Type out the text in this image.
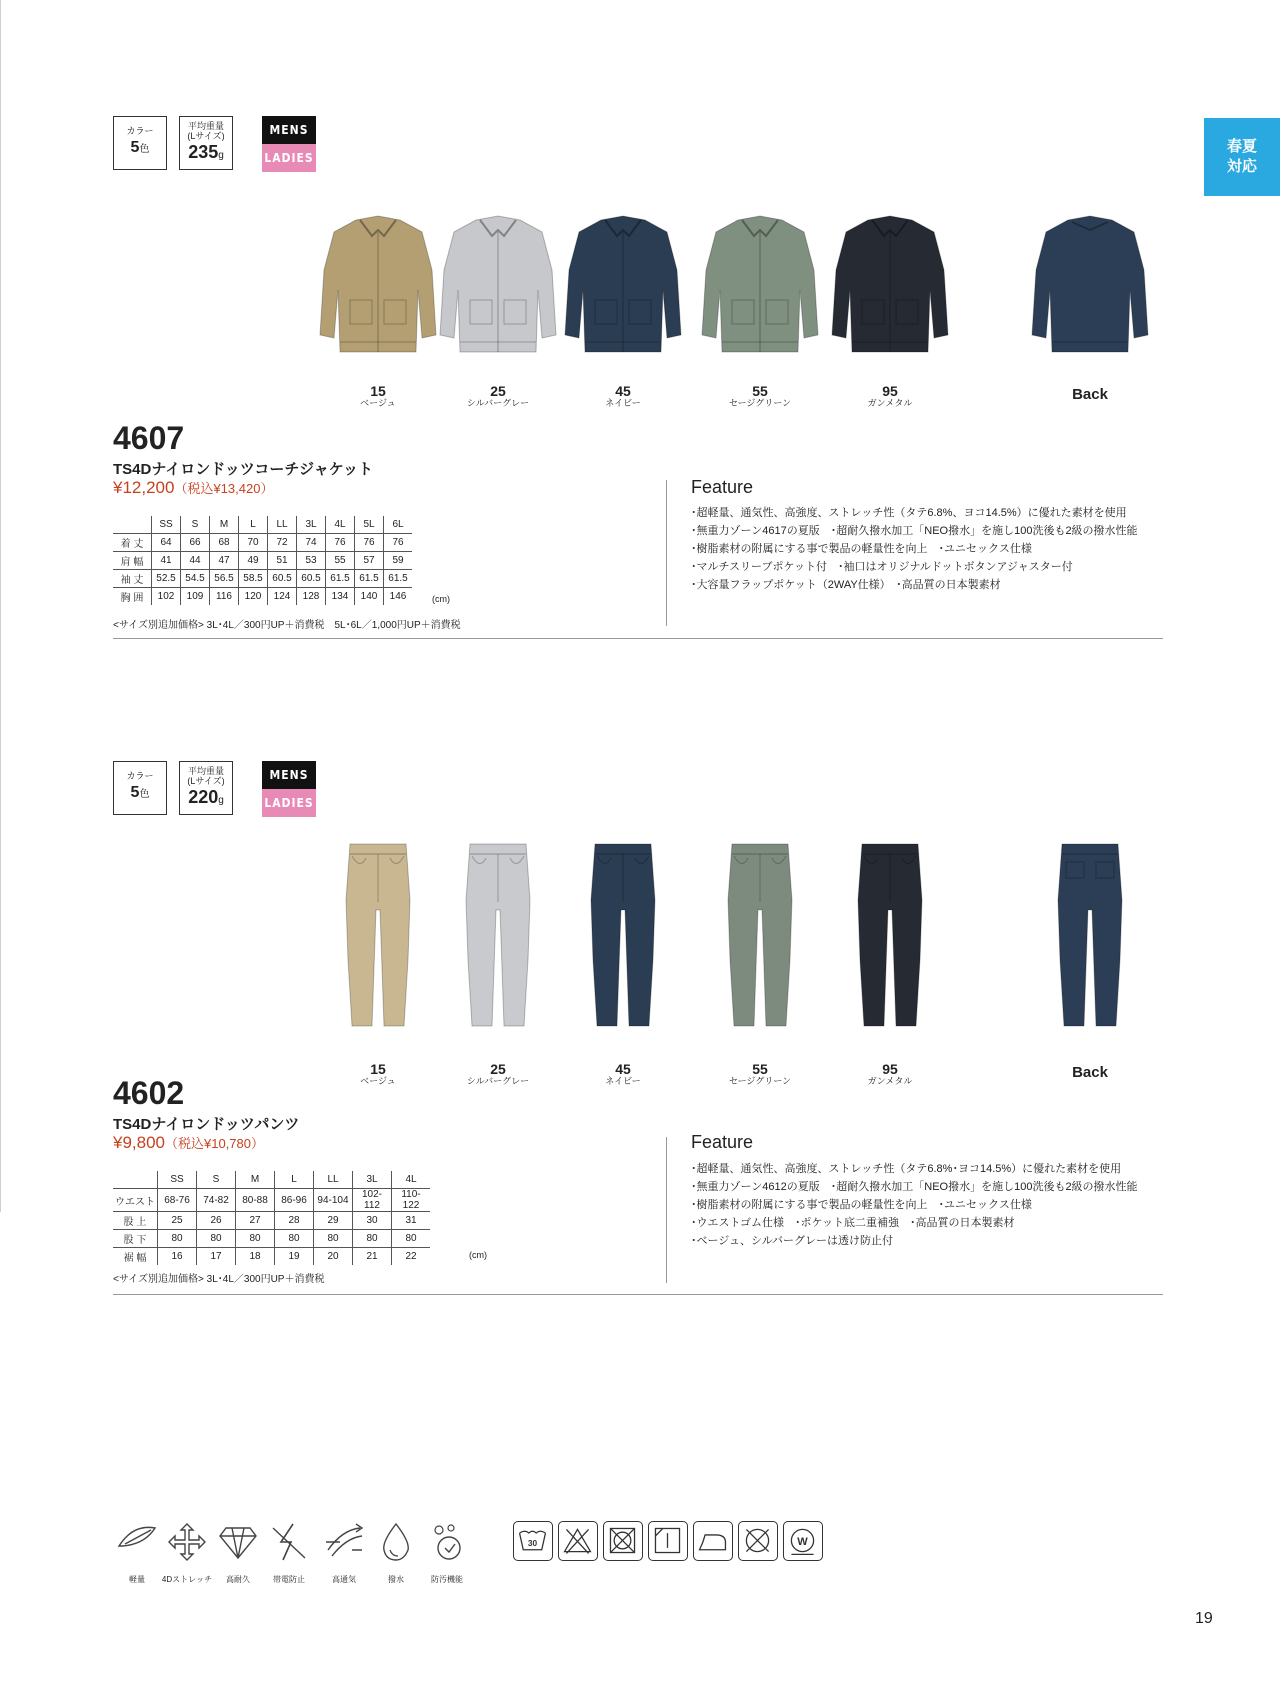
春夏
対応
カラー
5色
平均重量
(Lサイズ)
235g
MENS
LADIES
15
ベージュ
25
シルバーグレー
45
ネイビー
55
セージグリーン
95
ガンメタル	Back
4607
TS4Dナイロンドッツコーチジャケット
¥12,200（税込¥13,420）
	SS	S	M	L	LL	3L	4L	5L	6L
着 丈	64	66	68	70	72	74	76	76	76
肩 幅	41	44	47	49	51	53	55	57	59
袖 丈	52.5	54.5	56.5	58.5	60.5	60.5	61.5	61.5	61.5
胸 囲	102	109	116	120	124	128	134	140	146	(cm)
<サイズ別追加価格> 3L･4L／300円UP＋消費税　5L･6L／1,000円UP＋消費税
Feature
･超軽量、通気性、高強度、ストレッチ性（タテ6.8%、ヨコ14.5%）に優れた素材を使用
･無重力ゾーン4617の夏版　･超耐久撥水加工「NEO撥水」を施し100洗後も2級の撥水性能
･樹脂素材の附属にする事で製品の軽量性を向上　･ユニセックス仕様
･マルチスリーブポケット付　･袖口はオリジナルドットボタンアジャスター付
･大容量フラップポケット（2WAY仕様）　･高品質の日本製素材
カラー
5色
平均重量
(Lサイズ)
220g
MENS
LADIES
15
ベージュ
25
シルバーグレー
45
ネイビー
55
セージグリーン
95
ガンメタル	Back
4602
TS4Dナイロンドッツパンツ
¥9,800（税込¥10,780）
	SS	S	M	L	LL	3L	4L
ウエスト	68-76	74-82	80-88	86-96	94-104	102-112	110-122
股 上	25	26	27	28	29	30	31
股 下	80	80	80	80	80	80	80
裾 幅	16	17	18	19	20	21	22	(cm)
<サイズ別追加価格> 3L･4L／300円UP＋消費税
Feature
･超軽量、通気性、高強度、ストレッチ性（タテ6.8%･ヨコ14.5%）に優れた素材を使用
･無重力ゾーン4612の夏版　･超耐久撥水加工「NEO撥水」を施し100洗後も2級の撥水性能
･樹脂素材の附属にする事で製品の軽量性を向上　･ユニセックス仕様
･ウエストゴム仕様　･ポケット底二重補強　･高品質の日本製素材
･ベージュ、シルバーグレーは透け防止付
軽量	4Dストレッチ	高耐久	帯電防止	高通気	撥水	防汚機能
30	W
19
